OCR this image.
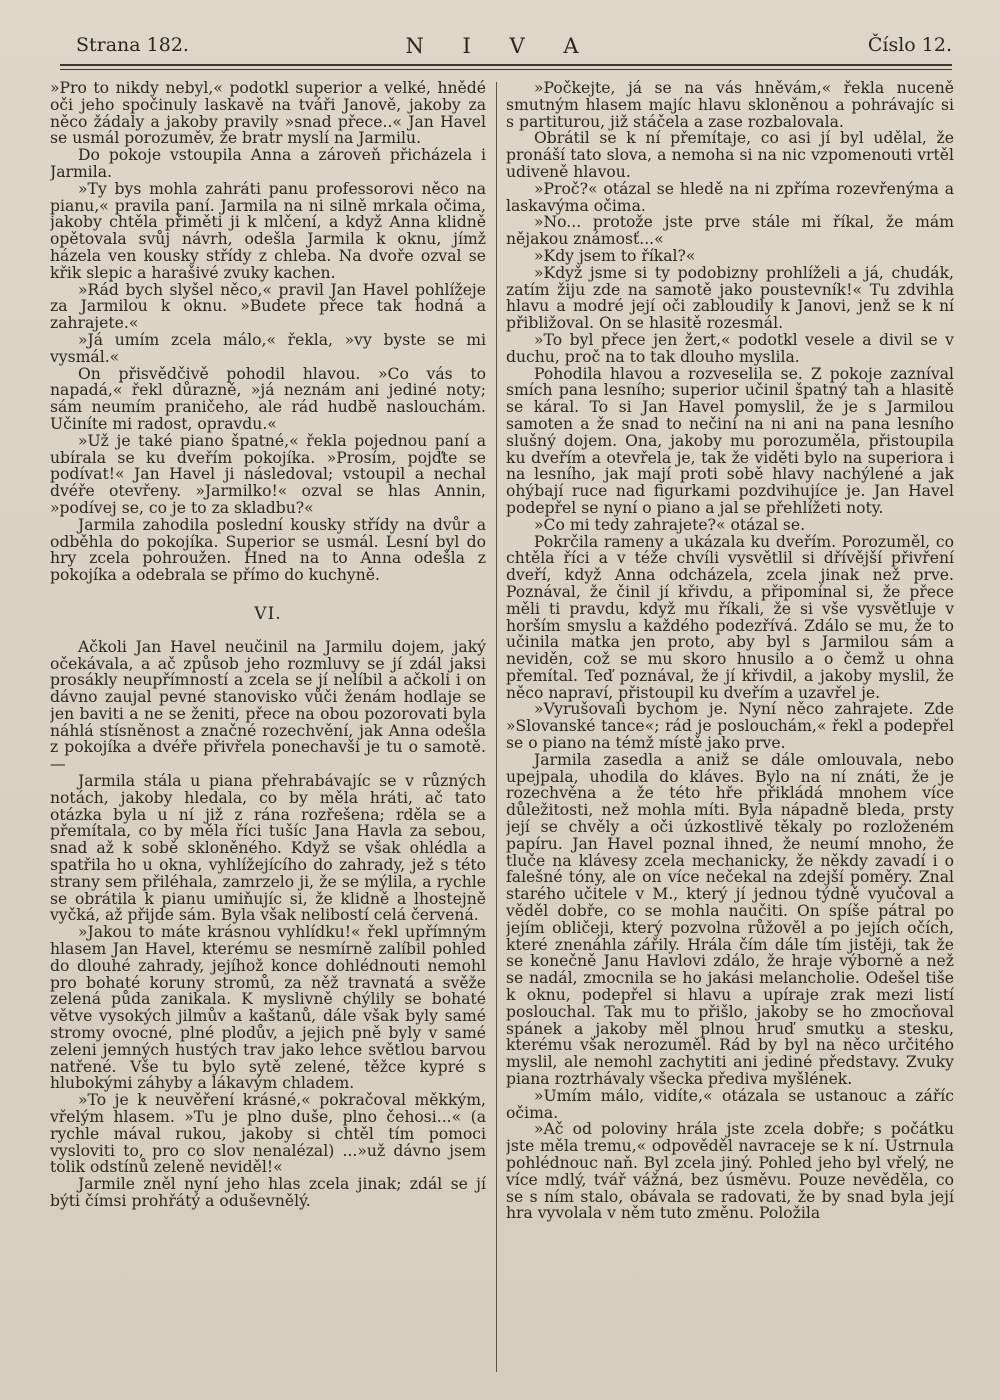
Strana 182.	N I V A	Číslo 12.

»Pro to nikdy nebyl,« podotkl superior a velké, hnědé oči jeho spočinuly laskavě na tváři Janově, jakoby za něco žádaly a jakoby pravily »snad přece..« Jan Havel se usmál porozuměv, že bratr myslí na Jarmilu.

Do pokoje vstoupila Anna a zároveň přicházela i Jarmila.

»Ty bys mohla zahráti panu professorovi něco na pianu,« pravila paní. Jarmila na ni silně mrkala očima, jakoby chtěla přiměti ji k mlčení, a když Anna klidně opětovala svůj návrh, odešla Jarmila k oknu, jímž házela ven kousky střídy z chleba. Na dvoře ozval se křik slepic a harašivé zvuky kachen.

»Rád bych slyšel něco,« pravil Jan Havel pohlížeje za Jarmilou k oknu. »Budete přece tak hodná a zahrajete.«

»Já umím zcela málo,« řekla, »vy byste se mi vysmál.«

On přisvědčivě pohodil hlavou. »Co vás to napadá,« řekl důrazně, »já neznám ani jediné noty; sám neumím praničeho, ale rád hudbě naslouchám. Učiníte mi radost, opravdu.«

»Už je také piano špatné,« řekla pojednou paní a ubírala se ku dveřím pokojíka. »Prosím, pojďte se podívat!« Jan Havel ji následoval; vstoupil a nechal dvéře otevřeny. »Jarmilko!« ozval se hlas Annin, »podívej se, co je to za skladbu?«

Jarmila zahodila poslední kousky střídy na dvůr a odběhla do pokojíka. Superior se usmál. Lesní byl do hry zcela pohroužen. Hned na to Anna odešla z pokojíka a odebrala se přímo do kuchyně.

VI.

Ačkoli Jan Havel neučinil na Jarmilu dojem, jaký očekávala, a ač způsob jeho rozmluvy se jí zdál jaksi prosákly neupřímností a zcela se jí nelíbil a ačkoli i on dávno zaujal pevné stanovisko vůči ženám hodlaje se jen baviti a ne se ženiti, přece na obou pozorovati byla náhlá stísněnost a značné rozechvění, jak Anna odešla z pokojíka a dvéře přivřela ponechavši je tu o samotě. —

Jarmila stála u piana přehrabávajíc se v různých notách, jakoby hledala, co by měla hráti, ač tato otázka byla u ní již z rána rozřešena; rděla se a přemítala, co by měla říci tušíc Jana Havla za sebou, snad až k sobě skloněného. Když se však ohlédla a spatřila ho u okna, vyhlížejícího do zahrady, jež s této strany sem přiléhala, zamrzelo ji, že se mýlila, a rychle se obrátila k pianu umiňujíc si, že klidně a lhostejně vyčká, až přijde sám. Byla však nelibostí celá červená.

»Jakou to máte krásnou vyhlídku!« řekl upřímným hlasem Jan Havel, kterému se nesmírně zalíbil pohled do dlouhé zahrady, jejíhož konce dohlédnouti nemohl pro bohaté koruny stromů, za něž travnatá a svěže zelená půda zanikala. K myslivně chýlily se bohaté větve vysokých jilmův a kaštanů, dále však byly samé stromy ovocné, plné plodův, a jejich pně byly v samé zeleni jemných hustých trav jako lehce světlou barvou natřené. Vše tu bylo sytě zelené, těžce kypré s hlubokými záhyby a lákavým chladem.

»To je k neuvěření krásné,« pokračoval měkkým, vřelým hlasem. »Tu je plno duše, plno čehosi...« (a rychle mával rukou, jakoby si chtěl tím pomoci vysloviti to, pro co slov nenalézal) ...»už dávno jsem tolik odstínů zeleně neviděl!«

Jarmile zněl nyní jeho hlas zcela jinak; zdál se jí býti čímsi prohřátý a oduševnělý.

»Počkejte, já se na vás hněvám,« řekla nuceně smutným hlasem majíc hlavu skloněnou a pohrávajíc si s partiturou, již stáčela a zase rozbalovala.

Obrátil se k ní přemítaje, co asi jí byl udělal, že pronáší tato slova, a nemoha si na nic vzpomenouti vrtěl udiveně hlavou.

»Proč?« otázal se hledě na ni zpříma rozevřenýma a laskavýma očima.

»No... protože jste prve stále mi říkal, že mám nějakou známosť...«

»Kdy jsem to říkal?«

»Když jsme si ty podobizny prohlíželi a já, chudák, zatím žiju zde na samotě jako poustevník!« Tu zdvihla hlavu a modré její oči zabloudily k Janovi, jenž se k ní přibližoval. On se hlasitě rozesmál.

»To byl přece jen žert,« podotkl vesele a divil se v duchu, proč na to tak dlouho myslila.

Pohodila hlavou a rozveselila se. Z pokoje zazníval smích pana lesního; superior učinil špatný tah a hlasitě se káral. To si Jan Havel pomyslil, že je s Jarmilou samoten a že snad to nečiní na ni ani na pana lesního slušný dojem. Ona, jakoby mu porozuměla, přistoupila ku dveřím a otevřela je, tak že viděti bylo na superiora i na lesního, jak mají proti sobě hlavy nachýlené a jak ohýbají ruce nad figurkami pozdvihujíce je. Jan Havel podepřel se nyní o piano a jal se přehlížeti noty.

»Co mi tedy zahrajete?« otázal se.

Pokrčila rameny a ukázala ku dveřím. Porozuměl, co chtěla říci a v téže chvíli vysvětlil si dřívější přivření dveří, když Anna odcházela, zcela jinak než prve. Poznával, že činil jí křivdu, a připomínal si, že přece měli ti pravdu, když mu říkali, že si vše vysvětluje v horším smyslu a každého podezřívá. Zdálo se mu, že to učinila matka jen proto, aby byl s Jarmilou sám a neviděn, což se mu skoro hnusilo a o čemž u ohna přemítal. Teď poznával, že jí křivdil, a jakoby myslil, že něco napraví, přistoupil ku dveřím a uzavřel je.

»Vyrušovali bychom je. Nyní něco zahrajete. Zde »Slovanské tance«; rád je poslouchám,« řekl a podepřel se o piano na témž místě jako prve.

Jarmila zasedla a aniž se dále omlouvala, nebo upejpala, uhodila do kláves. Bylo na ní znáti, že je rozechvěna a že této hře přikládá mnohem více důležitosti, než mohla míti. Byla nápadně bleda, prsty její se chvěly a oči úzkostlivě těkaly po rozloženém papíru. Jan Havel poznal ihned, že neumí mnoho, že tluče na klávesy zcela mechanicky, že někdy zavadí i o falešné tóny, ale on více nečekal na zdejší poměry. Znal starého učitele v M., který jí jednou týdně vyučoval a věděl dobře, co se mohla naučiti. On spíše pátral po jejím obličeji, který pozvolna růžověl a po jejích očích, které znenáhla zářily. Hrála čím dále tím jistěji, tak že se konečně Janu Havlovi zdálo, že hraje výborně a než se nadál, zmocnila se ho jakási melancholie. Odešel tiše k oknu, podepřel si hlavu a upíraje zrak mezi listí poslouchal. Tak mu to přišlo, jakoby se ho zmocňoval spánek a jakoby měl plnou hruď smutku a stesku, kterému však nerozuměl. Rád by byl na něco určitého myslil, ale nemohl zachytiti ani jediné představy. Zvuky piana roztrhávaly všecka předivа myšlének.

»Umím málo, vidíte,« otázala se ustanouc a záříc očima.

»Ač od poloviny hrála jste zcela dobře; s počátku jste měla tremu,« odpověděl navraceje se k ní. Ustrnula pohlédnouc naň. Byl zcela jiný. Pohled jeho byl vřelý, ne více mdlý, tvář vážná, bez úsměvu. Pouze nevěděla, co se s ním stalo, obávala se radovati, že by snad byla její hra vyvolala v něm tuto změnu. Položila
